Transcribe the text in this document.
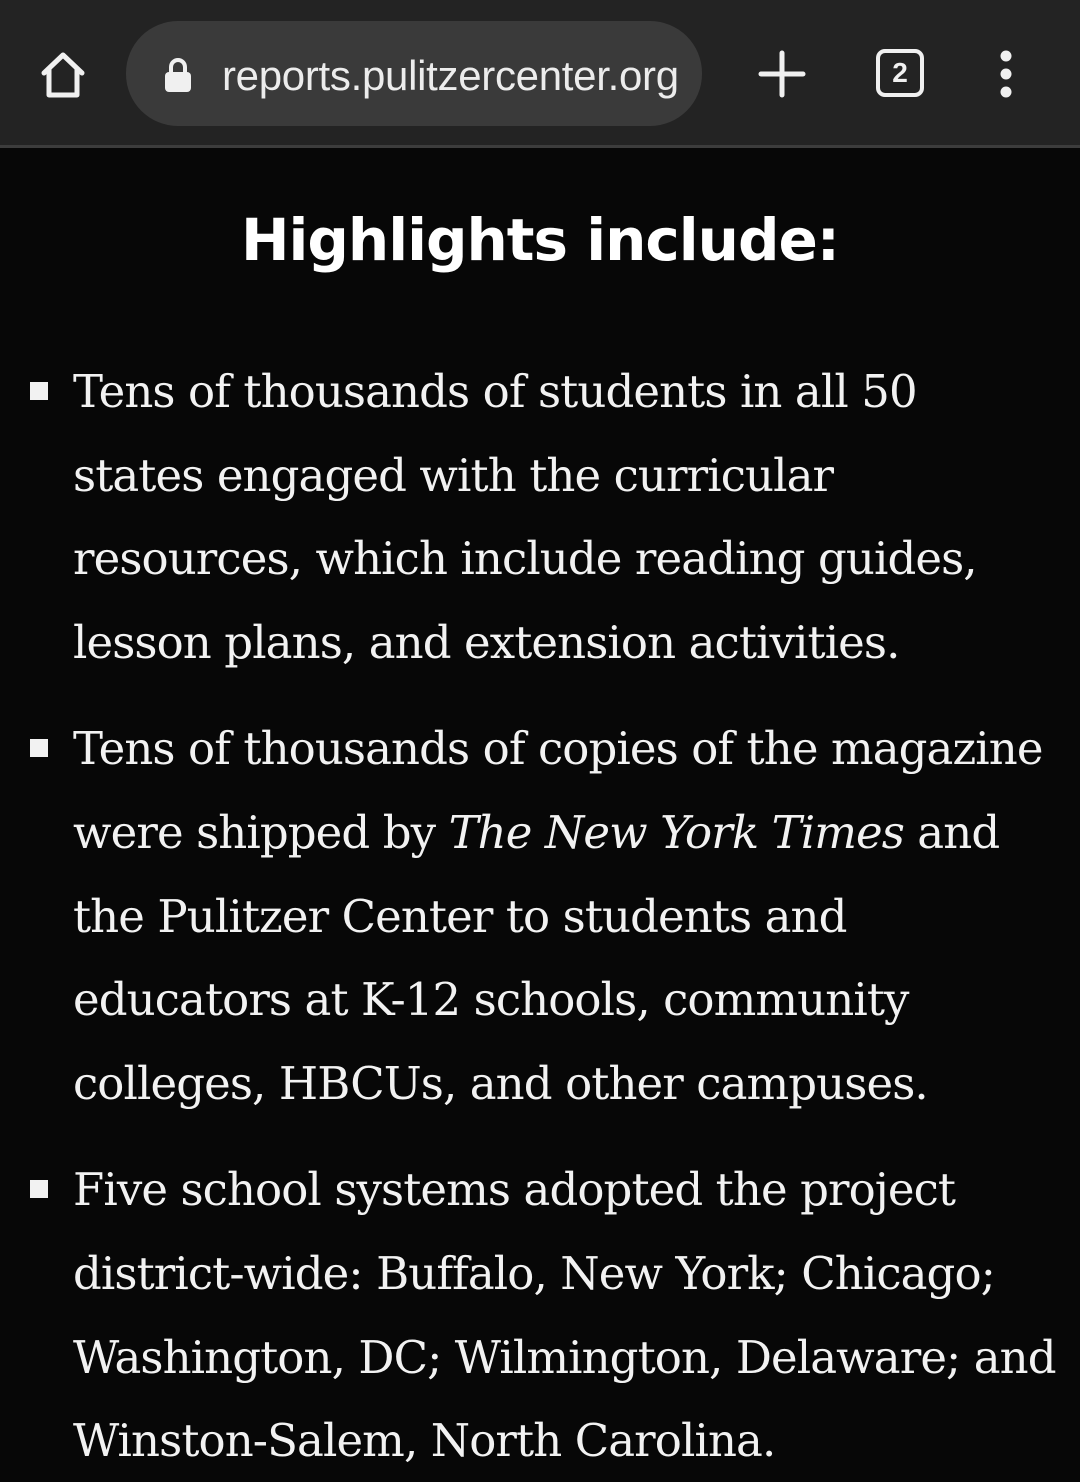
reports.pulitzercenter.org	2
Highlights include:
Tens of thousands of students in all 50 states engaged with the curricular resources, which include reading guides, lesson plans, and extension activities.
Tens of thousands of copies of the magazine were shipped by The New York Times and the Pulitzer Center to students and educators at K-12 schools, community colleges, HBCUs, and other campuses.
Five school systems adopted the project district-wide: Buffalo, New York; Chicago; Washington, DC; Wilmington, Delaware; and Winston-Salem, North Carolina.
